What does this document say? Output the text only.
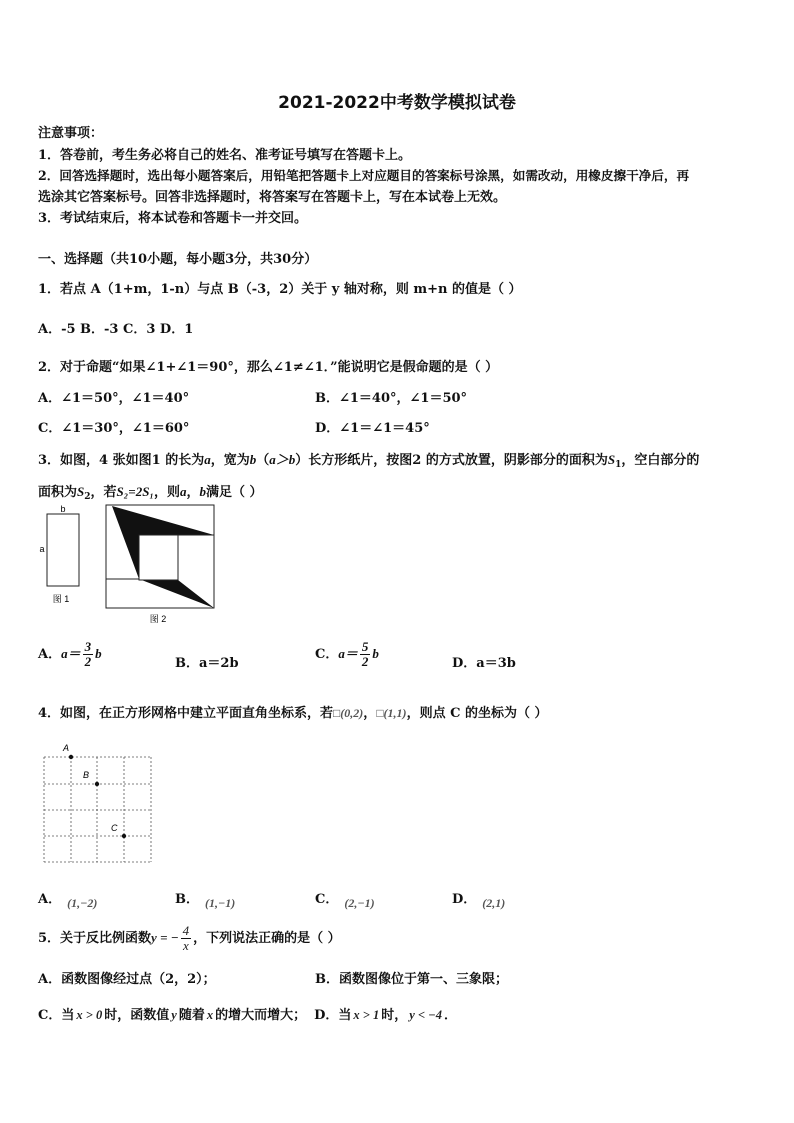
2021-2022中考数学模拟试卷
注意事项：
1．答卷前，考生务必将自己的姓名、准考证号填写在答题卡上。
2．回答选择题时，选出每小题答案后，用铅笔把答题卡上对应题目的答案标号涂黑，如需改动，用橡皮擦干净后，再
选涂其它答案标号。回答非选择题时，将答案写在答题卡上，写在本试卷上无效。
3．考试结束后，将本试卷和答题卡一并交回。
一、选择题（共10小题，每小题3分，共30分）
1．若点 A（1+m，1-n）与点 B（-3，2）关于 y 轴对称，则 m+n 的值是（ ）
A．-5 B．-3 C．3 D．1
2．对于命题“如果∠1+∠1＝90°，那么∠1≠∠1．”能说明它是假命题的是（ ）
A．∠1＝50°，∠1＝40°	B．∠1＝40°，∠1＝50°
C．∠1＝30°，∠1＝60°	D．∠1＝∠1＝45°
3．如图，4 张如图1 的长为a，宽为b（a＞b）长方形纸片，按图2 的方式放置，阴影部分的面积为$S_1$，空白部分的
面积为$S_2$，若S₂=2S₁，则a，b满足（ ）
b
a
图 1
图 2
A．$a= \frac{3}{2}$ b
B．a＝2b
C．$a= \frac{5}{2}$ b
D．a＝3b
4．如图，在正方形网格中建立平面直角坐标系，若□(0,2)，□(1,1)，则点 C 的坐标为（ ）
A
B
C
A． (1,−2)	B． (1,−1)	C． (2,−1)	D． (2,1)
5．关于反比例函数y = − $\frac{4}{x}$ ，下列说法正确的是（ ）
A．函数图像经过点（2，2）；	B．函数图像位于第一、三象限；
C．当 x > 0 时，函数值 y 随着 x 的增大而增大； D．当 x > 1 时， y < −4 ．
